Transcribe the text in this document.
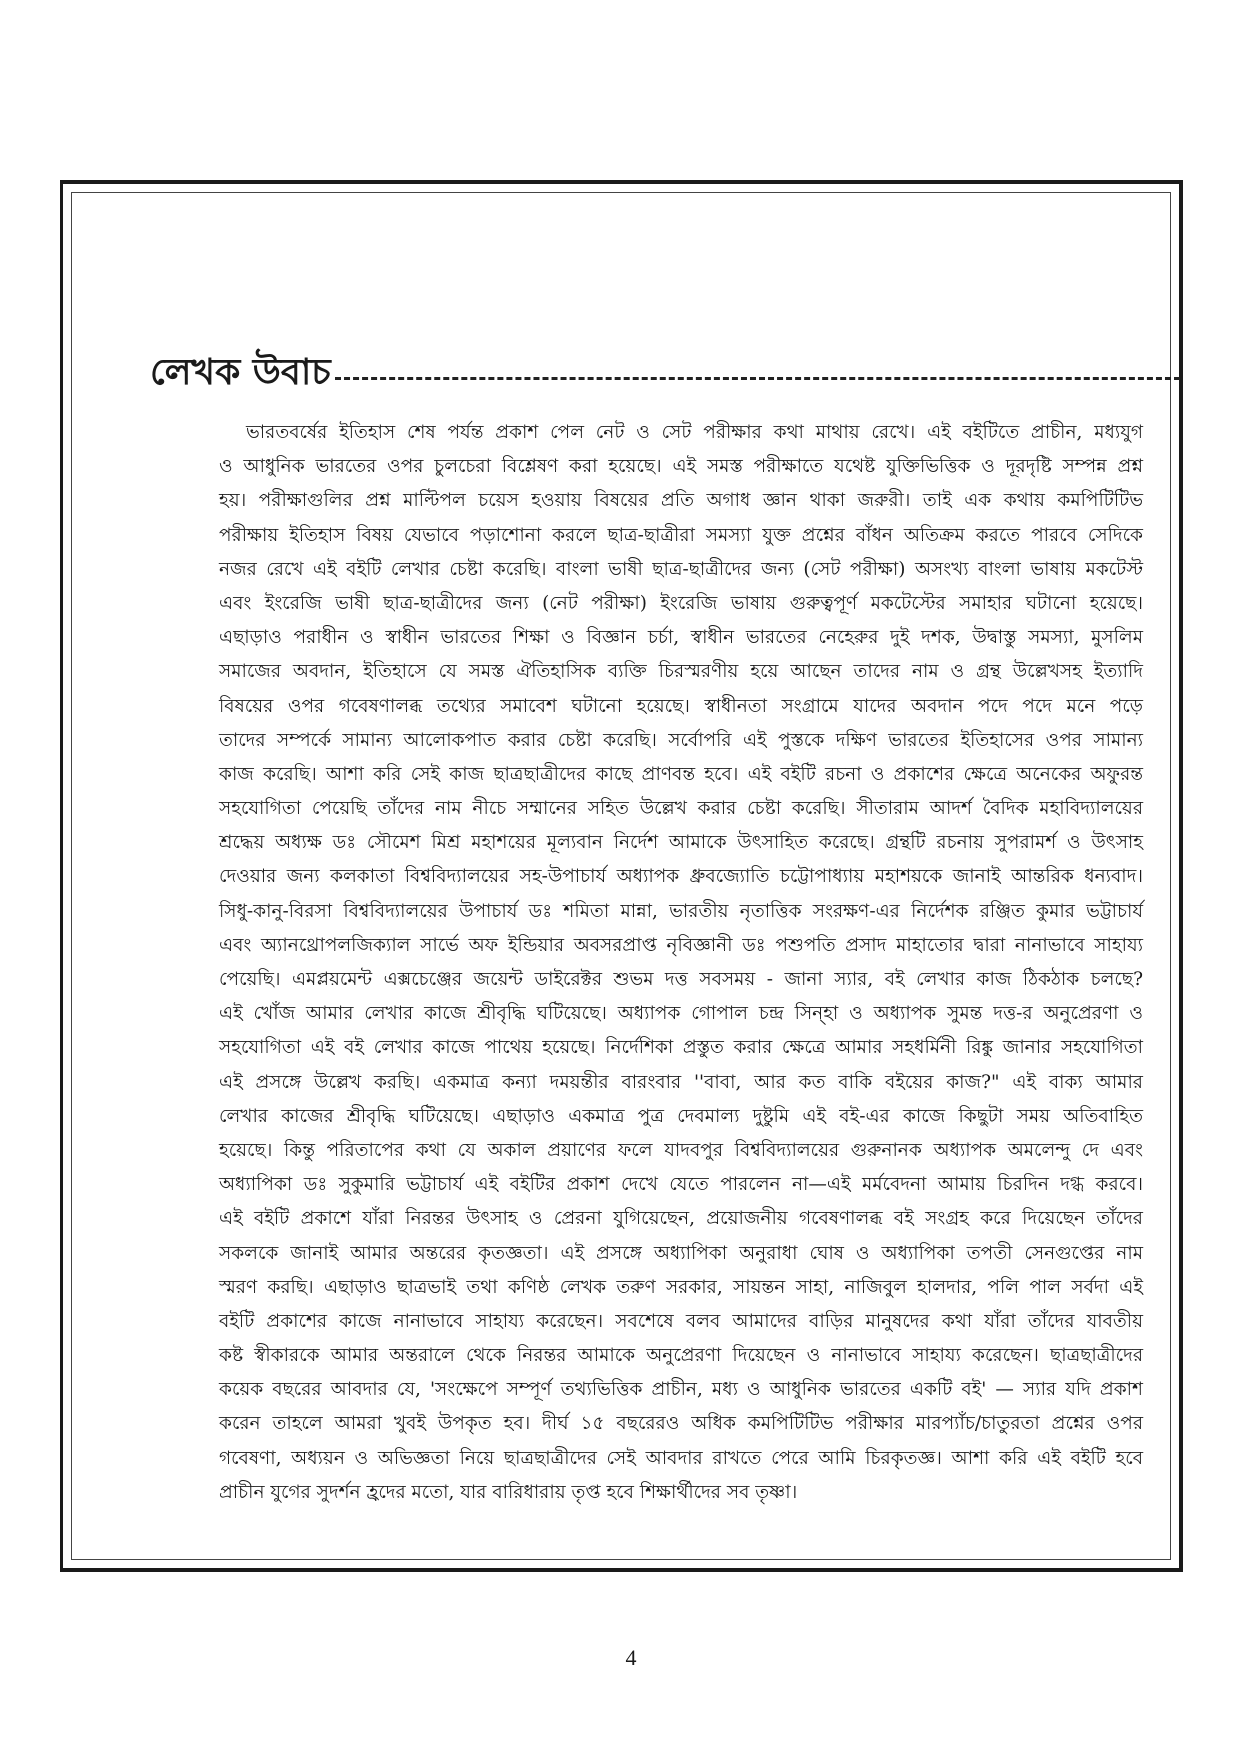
লেখক উবাচ
ভারতবর্ষের ইতিহাস শেষ পর্যন্ত প্রকাশ পেল নেট ও সেট পরীক্ষার কথা মাথায় রেখে। এই বইটিতে প্রাচীন, মধ্যযুগ
ও আধুনিক ভারতের ওপর চুলচেরা বিশ্লেষণ করা হয়েছে। এই সমস্ত পরীক্ষাতে যথেষ্ট যুক্তিভিত্তিক ও দূরদৃষ্টি সম্পন্ন প্রশ্ন
হয়। পরীক্ষাগুলির প্রশ্ন মাল্টিপল চয়েস হওয়ায় বিষয়ের প্রতি অগাধ জ্ঞান থাকা জরুরী। তাই এক কথায় কমপিটিটিভ
পরীক্ষায় ইতিহাস বিষয় যেভাবে পড়াশোনা করলে ছাত্র-ছাত্রীরা সমস্যা যুক্ত প্রশ্নের বাঁধন অতিক্রম করতে পারবে সেদিকে
নজর রেখে এই বইটি লেখার চেষ্টা করেছি। বাংলা ভাষী ছাত্র-ছাত্রীদের জন্য (সেট পরীক্ষা) অসংখ্য বাংলা ভাষায় মকটেস্ট
এবং ইংরেজি ভাষী ছাত্র-ছাত্রীদের জন্য (নেট পরীক্ষা) ইংরেজি ভাষায় গুরুত্বপূর্ণ মকটেস্টের সমাহার ঘটানো হয়েছে।
এছাড়াও পরাধীন ও স্বাধীন ভারতের শিক্ষা ও বিজ্ঞান চর্চা, স্বাধীন ভারতের নেহেরুর দুই দশক, উদ্বাস্তু সমস্যা, মুসলিম
সমাজের অবদান, ইতিহাসে যে সমস্ত ঐতিহাসিক ব্যক্তি চিরস্মরণীয় হয়ে আছেন তাদের নাম ও গ্রন্থ উল্লেখসহ ইত্যাদি
বিষয়ের ওপর গবেষণালব্ধ তথ্যের সমাবেশ ঘটানো হয়েছে। স্বাধীনতা সংগ্রামে যাদের অবদান পদে পদে মনে পড়ে
তাদের সম্পর্কে সামান্য আলোকপাত করার চেষ্টা করেছি। সর্বোপরি এই পুস্তকে দক্ষিণ ভারতের ইতিহাসের ওপর সামান্য
কাজ করেছি। আশা করি সেই কাজ ছাত্রছাত্রীদের কাছে প্রাণবন্ত হবে। এই বইটি রচনা ও প্রকাশের ক্ষেত্রে অনেকের অফুরন্ত
সহযোগিতা পেয়েছি তাঁদের নাম নীচে সম্মানের সহিত উল্লেখ করার চেষ্টা করেছি। সীতারাম আদর্শ বৈদিক মহাবিদ্যালয়ের
শ্রদ্ধেয় অধ্যক্ষ ডঃ সৌমেশ মিশ্র মহাশয়ের মূল্যবান নির্দেশ আমাকে উৎসাহিত করেছে। গ্রন্থটি রচনায় সুপরামর্শ ও উৎসাহ
দেওয়ার জন্য কলকাতা বিশ্ববিদ্যালয়ের সহ-উপাচার্য অধ্যাপক ধ্রুবজ্যোতি চট্টোপাধ্যায় মহাশয়কে জানাই আন্তরিক ধন্যবাদ।
সিধু-কানু-বিরসা বিশ্ববিদ্যালয়ের উপাচার্য ডঃ শমিতা মান্না, ভারতীয় নৃতাত্তিক সংরক্ষণ-এর নির্দেশক রঞ্জিত কুমার ভট্টাচার্য
এবং অ্যানথ্রোপলজিক্যাল সার্ভে অফ ইন্ডিয়ার অবসরপ্রাপ্ত নৃবিজ্ঞানী ডঃ পশুপতি প্রসাদ মাহাতোর দ্বারা নানাভাবে সাহায্য
পেয়েছি। এমপ্লয়মেন্ট এক্সচেঞ্জের জয়েন্ট ডাইরেক্টর শুভম দত্ত সবসময় - জানা স্যার, বই লেখার কাজ ঠিকঠাক চলছে?
এই খোঁজ আমার লেখার কাজে শ্রীবৃদ্ধি ঘটিয়েছে। অধ্যাপক গোপাল চন্দ্র সিন্হা ও অধ্যাপক সুমন্ত দত্ত-র অনুপ্রেরণা ও
সহযোগিতা এই বই লেখার কাজে পাথেয় হয়েছে। নির্দেশিকা প্রস্তুত করার ক্ষেত্রে আমার সহধর্মিনী রিঙ্কু জানার সহযোগিতা
এই প্রসঙ্গে উল্লেখ করছি। একমাত্র কন্যা দময়ন্তীর বারংবার ''বাবা, আর কত বাকি বইয়ের কাজ?" এই বাক্য আমার
লেখার কাজের শ্রীবৃদ্ধি ঘটিয়েছে। এছাড়াও একমাত্র পুত্র দেবমাল্য দুষ্টুমি এই বই-এর কাজে কিছুটা সময় অতিবাহিত
হয়েছে। কিন্তু পরিতাপের কথা যে অকাল প্রয়াণের ফলে যাদবপুর বিশ্ববিদ্যালয়ের গুরুনানক অধ্যাপক অমলেন্দু দে এবং
অধ্যাপিকা ডঃ সুকুমারি ভট্টাচার্য এই বইটির প্রকাশ দেখে যেতে পারলেন না—এই মর্মবেদনা আমায় চিরদিন দগ্ধ করবে।
এই বইটি প্রকাশে যাঁরা নিরন্তর উৎসাহ ও প্রেরনা যুগিয়েছেন, প্রয়োজনীয় গবেষণালব্ধ বই সংগ্রহ করে দিয়েছেন তাঁদের
সকলকে জানাই আমার অন্তরের কৃতজ্ঞতা। এই প্রসঙ্গে অধ্যাপিকা অনুরাধা ঘোষ ও অধ্যাপিকা তপতী সেনগুপ্তের নাম
স্মরণ করছি। এছাড়াও ছাত্রভাই তথা কণিষ্ঠ লেখক তরুণ সরকার, সায়ন্তন সাহা, নাজিবুল হালদার, পলি পাল সর্বদা এই
বইটি প্রকাশের কাজে নানাভাবে সাহায্য করেছেন। সবশেষে বলব আমাদের বাড়ির মানুষদের কথা যাঁরা তাঁদের যাবতীয়
কষ্ট স্বীকারকে আমার অন্তরালে থেকে নিরন্তর আমাকে অনুপ্রেরণা দিয়েছেন ও নানাভাবে সাহায্য করেছেন। ছাত্রছাত্রীদের
কয়েক বছরের আবদার যে, 'সংক্ষেপে সম্পূর্ণ তথ্যভিত্তিক প্রাচীন, মধ্য ও আধুনিক ভারতের একটি বই' — স্যার যদি প্রকাশ
করেন তাহলে আমরা খুবই উপকৃত হব। দীর্ঘ ১৫ বছরেরও অধিক কমপিটিটিভ পরীক্ষার মারপ্যাঁচ/চাতুরতা প্রশ্নের ওপর
গবেষণা, অধ্যয়ন ও অভিজ্ঞতা নিয়ে ছাত্রছাত্রীদের সেই আবদার রাখতে পেরে আমি চিরকৃতজ্ঞ। আশা করি এই বইটি হবে
প্রাচীন যুগের সুদর্শন হ্রদের মতো, যার বারিধারায় তৃপ্ত হবে শিক্ষার্থীদের সব তৃষ্ণা।
4
